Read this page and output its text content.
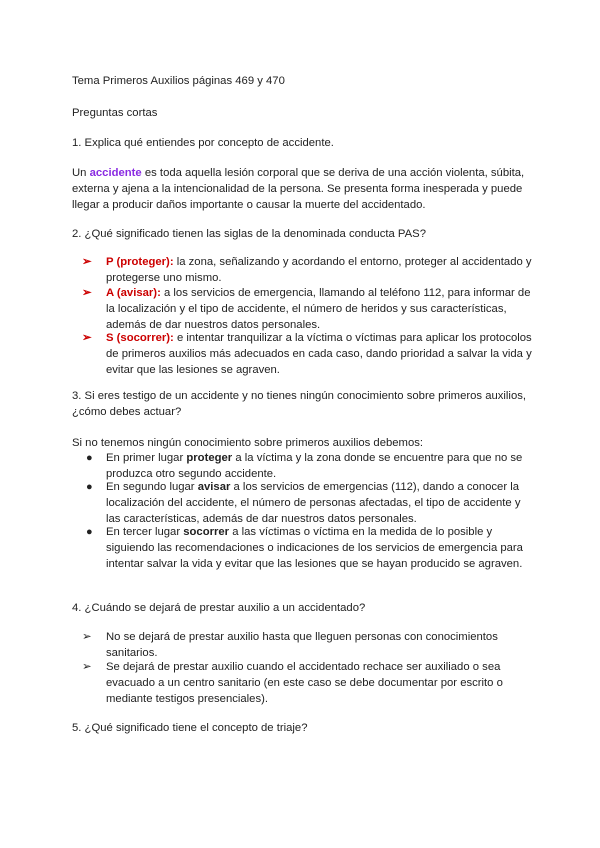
Tema Primeros Auxilios páginas 469 y 470

Preguntas cortas

1. Explica qué entiendes por concepto de accidente.

Un accidente es toda aquella lesión corporal que se deriva de una acción violenta, súbita, externa y ajena a la intencionalidad de la persona. Se presenta forma inesperada y puede llegar a producir daños importante o causar la muerte del accidentado.

2. ¿Qué significado tienen las siglas de la denominada conducta PAS?

➢	P (proteger): la zona, señalizando y acordando el entorno, proteger al accidentado y protegerse uno mismo.

➢	A (avisar): a los servicios de emergencia, llamando al teléfono 112, para informar de la localización y el tipo de accidente, el número de heridos y sus características, además de dar nuestros datos personales.

➢	S (socorrer): e intentar tranquilizar a la víctima o víctimas para aplicar los protocolos de primeros auxilios más adecuados en cada caso, dando prioridad a salvar la vida y evitar que las lesiones se agraven.

3. Si eres testigo de un accidente y no tienes ningún conocimiento sobre primeros auxilios, ¿cómo debes actuar?

Si no tenemos ningún conocimiento sobre primeros auxilios debemos:

●	En primer lugar proteger a la víctima y la zona donde se encuentre para que no se produzca otro segundo accidente.

●	En segundo lugar avisar a los servicios de emergencias (112), dando a conocer la localización del accidente, el número de personas afectadas, el tipo de accidente y las características, además de dar nuestros datos personales.

●	En tercer lugar socorrer a las víctimas o víctima en la medida de lo posible y siguiendo las recomendaciones o indicaciones de los servicios de emergencia para intentar salvar la vida y evitar que las lesiones que se hayan producido se agraven.

4. ¿Cuándo se dejará de prestar auxilio a un accidentado?

➢	No se dejará de prestar auxilio hasta que lleguen personas con conocimientos sanitarios.

➢	Se dejará de prestar auxilio cuando el accidentado rechace ser auxiliado o sea evacuado a un centro sanitario (en este caso se debe documentar por escrito o mediante testigos presenciales).

5. ¿Qué significado tiene el concepto de triaje?
